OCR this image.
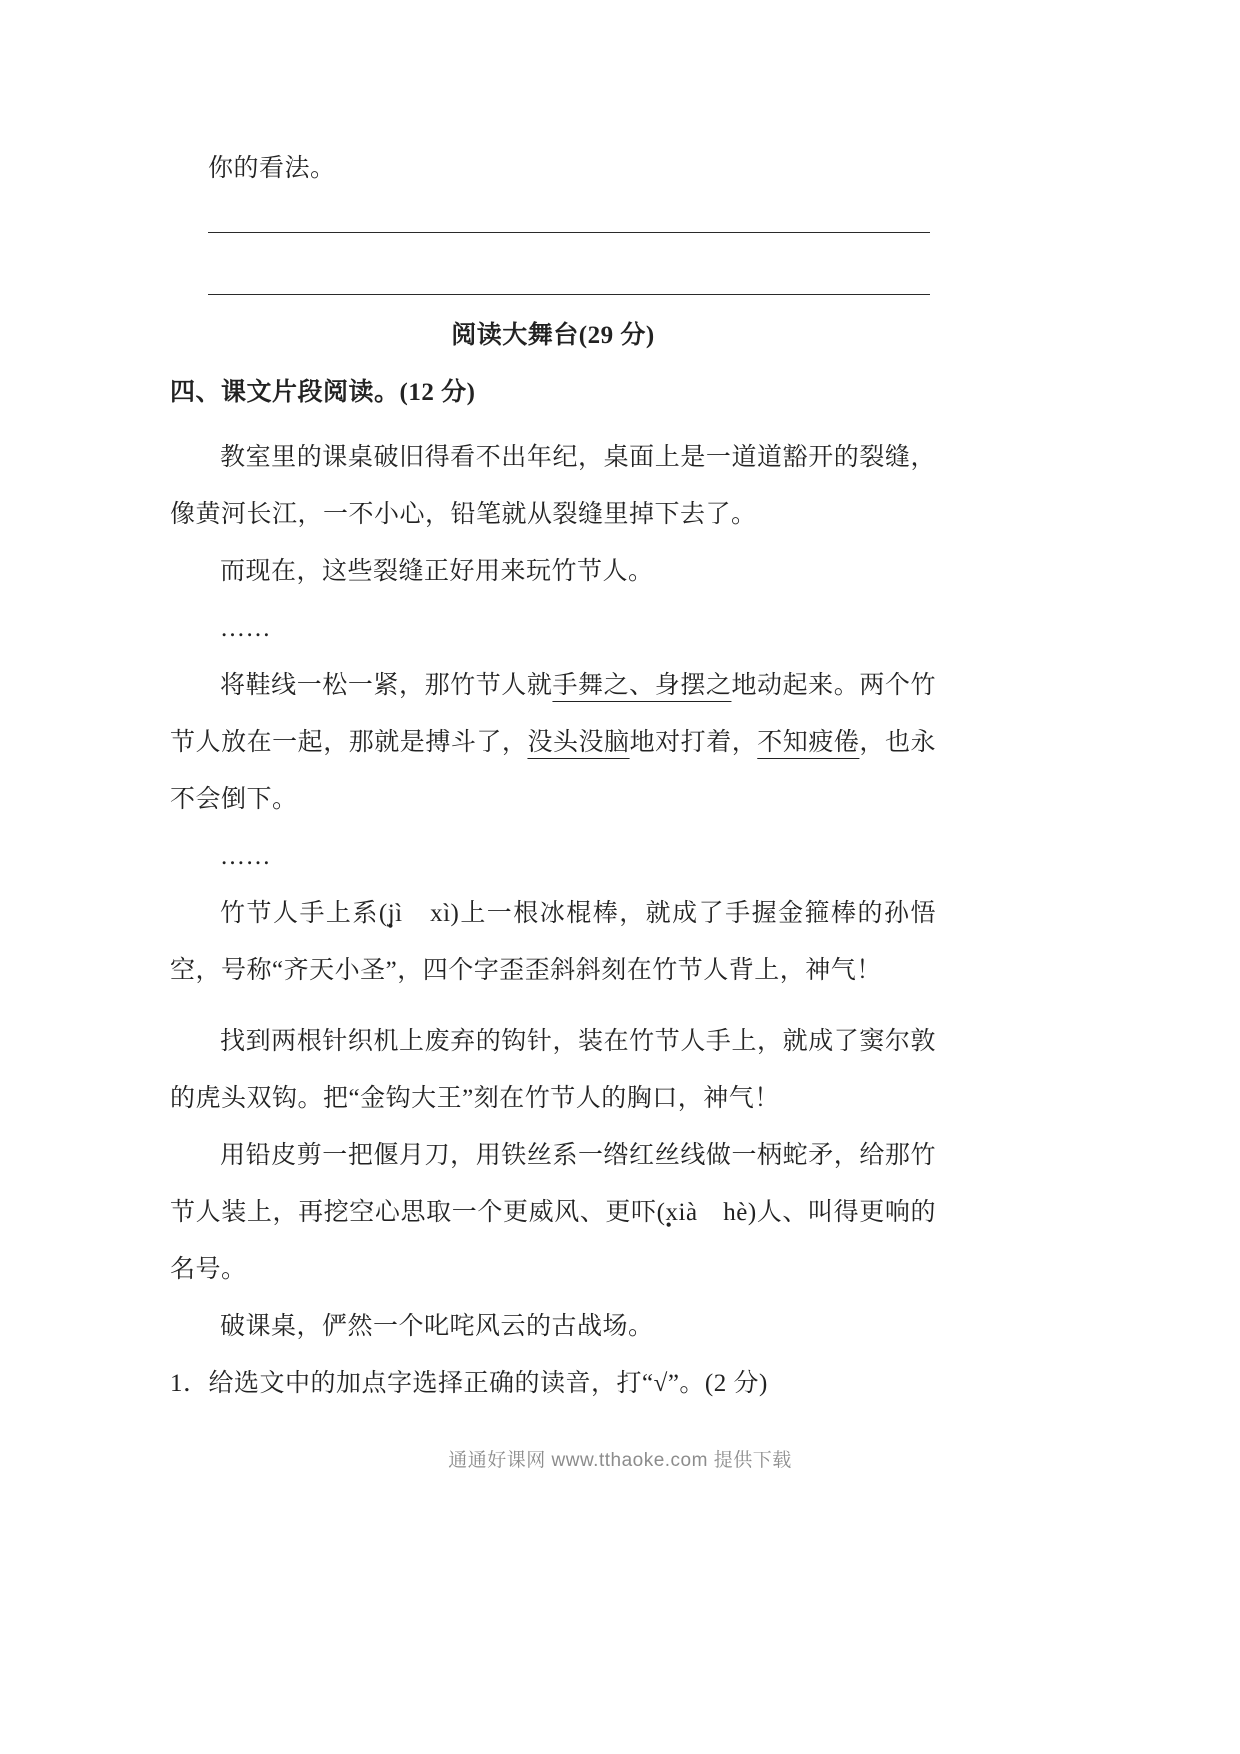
你的看法。

阅读大舞台(29 分)

四、课文片段阅读。(12 分)

教室里的课桌破旧得看不出年纪，桌面上是一道道豁开的裂缝，像黄河长江，一不小心，铅笔就从裂缝里掉下去了。

而现在，这些裂缝正好用来玩竹节人。

……

将鞋线一松一紧，那竹节人就手舞之、身摆之地动起来。两个竹节人放在一起，那就是搏斗了，没头没脑地对打着，不知疲倦，也永不会倒下。

……

竹节人手上系(jì　xì)上一根冰棍棒，就成了手握金箍棒的孙悟空，号称“齐天小圣”，四个字歪歪斜斜刻在竹节人背上，神气！

找到两根针织机上废弃的钩针，装在竹节人手上，就成了窦尔敦的虎头双钩。把“金钩大王”刻在竹节人的胸口，神气！

用铅皮剪一把偃月刀，用铁丝系一绺红丝线做一柄蛇矛，给那竹节人装上，再挖空心思取一个更威风、更吓(xià　hè)人、叫得更响的名号。

破课桌，俨然一个叱咤风云的古战场。

1．给选文中的加点字选择正确的读音，打“√”。(2 分)

通通好课网 www.tthaoke.com 提供下载
